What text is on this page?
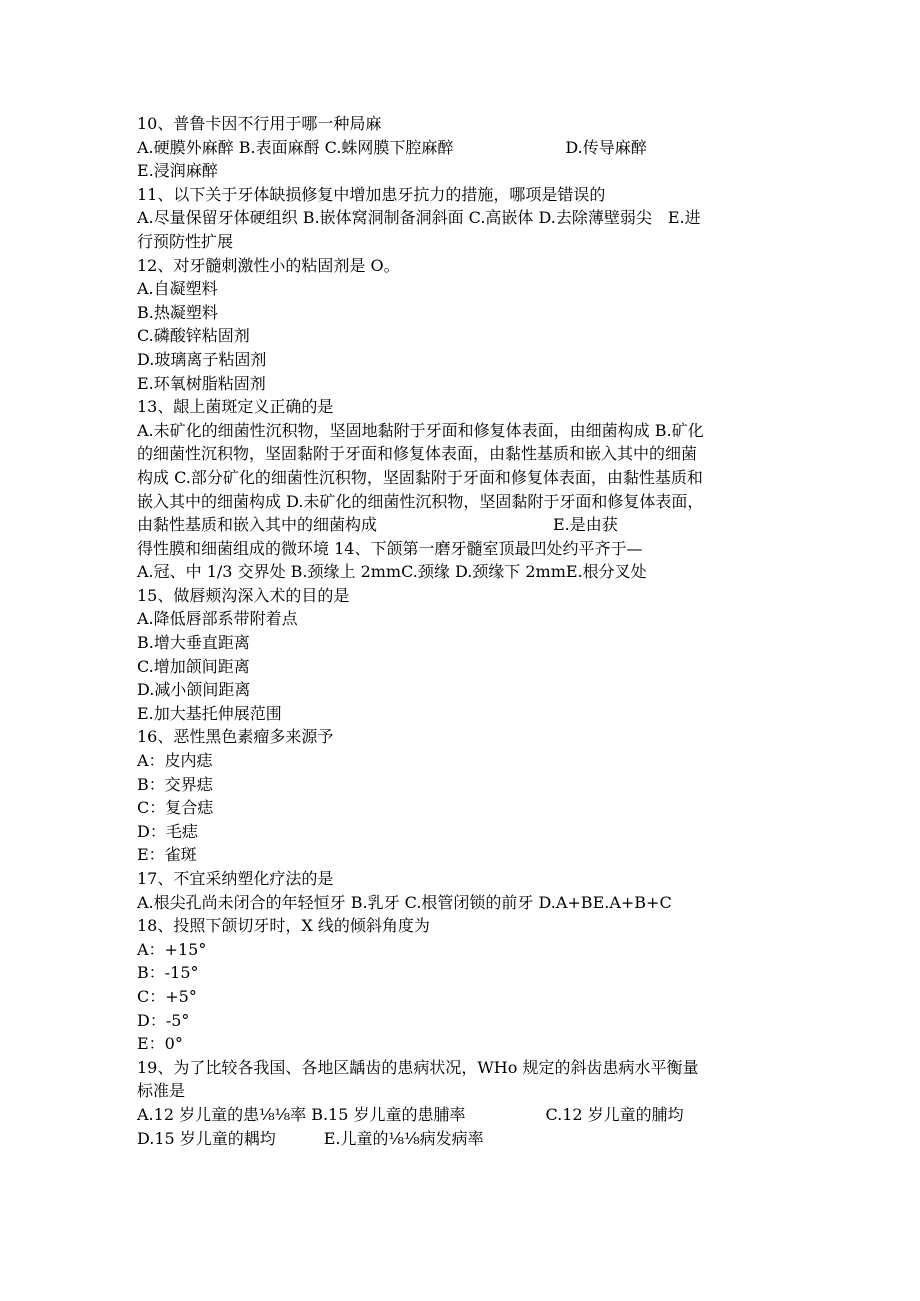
10、普鲁卡因不行用于哪一种局麻
A.硬膜外麻醉 B.表面麻酹 C.蛛网膜下腔麻醉　　　　　　　D.传导麻醉
E.浸润麻醉
11、以下关于牙体缺损修复中增加患牙抗力的措施，哪项是错误的
A.尽量保留牙体硬组织 B.嵌体窝洞制备洞斜面 C.高嵌体 D.去除薄壁弱尖　E.进
行预防性扩展
12、对牙髓刺激性小的粘固剂是 O。
A.自凝塑料
B.热凝塑料
C.磷酸锌粘固剂
D.玻璃离子粘固剂
E.环氧树脂粘固剂
13、龈上菌斑定义正确的是
A.未矿化的细菌性沉积物，坚固地黏附于牙面和修复体表面，由细菌构成 B.矿化
的细菌性沉积物，坚固黏附于牙面和修复体表面，由黏性基质和嵌入其中的细菌
构成 C.部分矿化的细菌性沉积物，坚固黏附于牙面和修复体表面，由黏性基质和
嵌入其中的细菌构成 D.未矿化的细菌性沉积物，坚固黏附于牙面和修复体表面，
由黏性基质和嵌入其中的细菌构成　　　　　　　　　　　E.是由获
得性膜和细菌组成的微环境 14、下颌第一磨牙髓室顶最凹处约平齐于—
A.冠、中 1/3 交界处 B.颈缘上 2mmC.颈缘 D.颈缘下 2mmE.根分叉处
15、做唇颊沟深入术的目的是
A.降低唇部系带附着点
B.增大垂直距离
C.增加颌间距离
D.减小颌间距离
E.加大基托伸展范围
16、恶性黑色素瘤多来源予
A：皮内痣
B：交界痣
C：复合痣
D：毛痣
E：雀斑
17、不宜采纳塑化疗法的是
A.根尖孔尚未闭合的年轻恒牙 B.乳牙 C.根管闭锁的前牙 D.A+BE.A+B+C
18、投照下颌切牙时，X 线的倾斜角度为
A：+15°
B：-15°
C：+5°
D：-5°
E：0°
19、为了比较各我国、各地区龋齿的患病状况，WHo 规定的斜齿患病水平衡量
标准是
A.12 岁儿童的患⅛⅛率 B.15 岁儿童的患脯率　　　　　C.12 岁儿童的脯均
D.15 岁儿童的耦均　　　E.儿童的⅛⅛病发病率
